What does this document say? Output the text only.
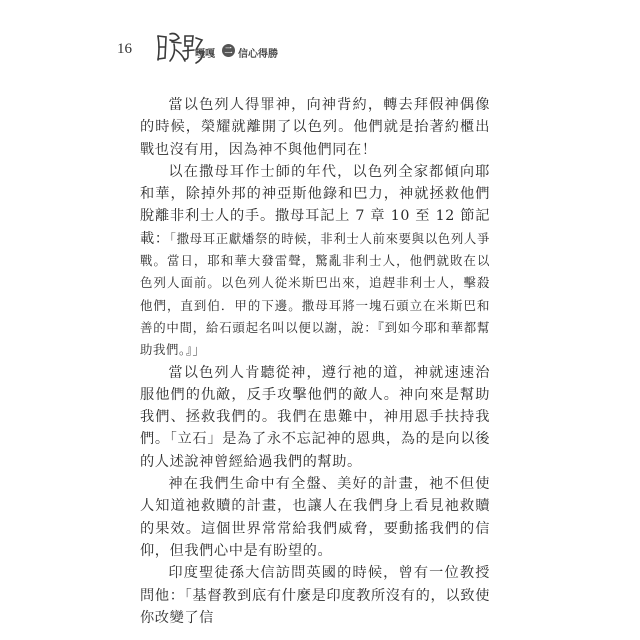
16	嘎嘎	二 信心得勝

當以色列人得罪神，向神背約，轉去拜假神偶像的時候，榮耀就離開了以色列。他們就是抬著約櫃出戰也沒有用，因為神不與他們同在！

以在撒母耳作士師的年代，以色列全家都傾向耶和華，除掉外邦的神亞斯他錄和巴力，神就拯救他們脫離非利士人的手。撒母耳記上 7 章 10 至 12 節記載：「撒母耳正獻燔祭的時候，非利士人前來要與以色列人爭戰。當日，耶和華大發雷聲，驚亂非利士人，他們就敗在以色列人面前。以色列人從米斯巴出來，追趕非利士人，擊殺他們，直到伯．甲的下邊。撒母耳將一塊石頭立在米斯巴和善的中間，給石頭起名叫以便以謝，說：『到如今耶和華都幫助我們。』」

當以色列人肯聽從神，遵行祂的道，神就速速治服他們的仇敵，反手攻擊他們的敵人。神向來是幫助我們、拯救我們的。我們在患難中，神用恩手扶持我們。「立石」是為了永不忘記神的恩典，為的是向以後的人述說神曾經給過我們的幫助。

神在我們生命中有全盤、美好的計畫，祂不但使人知道祂救贖的計畫，也讓人在我們身上看見祂救贖的果效。這個世界常常給我們威脅，要動搖我們的信仰，但我們心中是有盼望的。

印度聖徒孫大信訪問英國的時候，曾有一位教授問他：「基督教到底有什麼是印度教所沒有的，以致使你改變了信
